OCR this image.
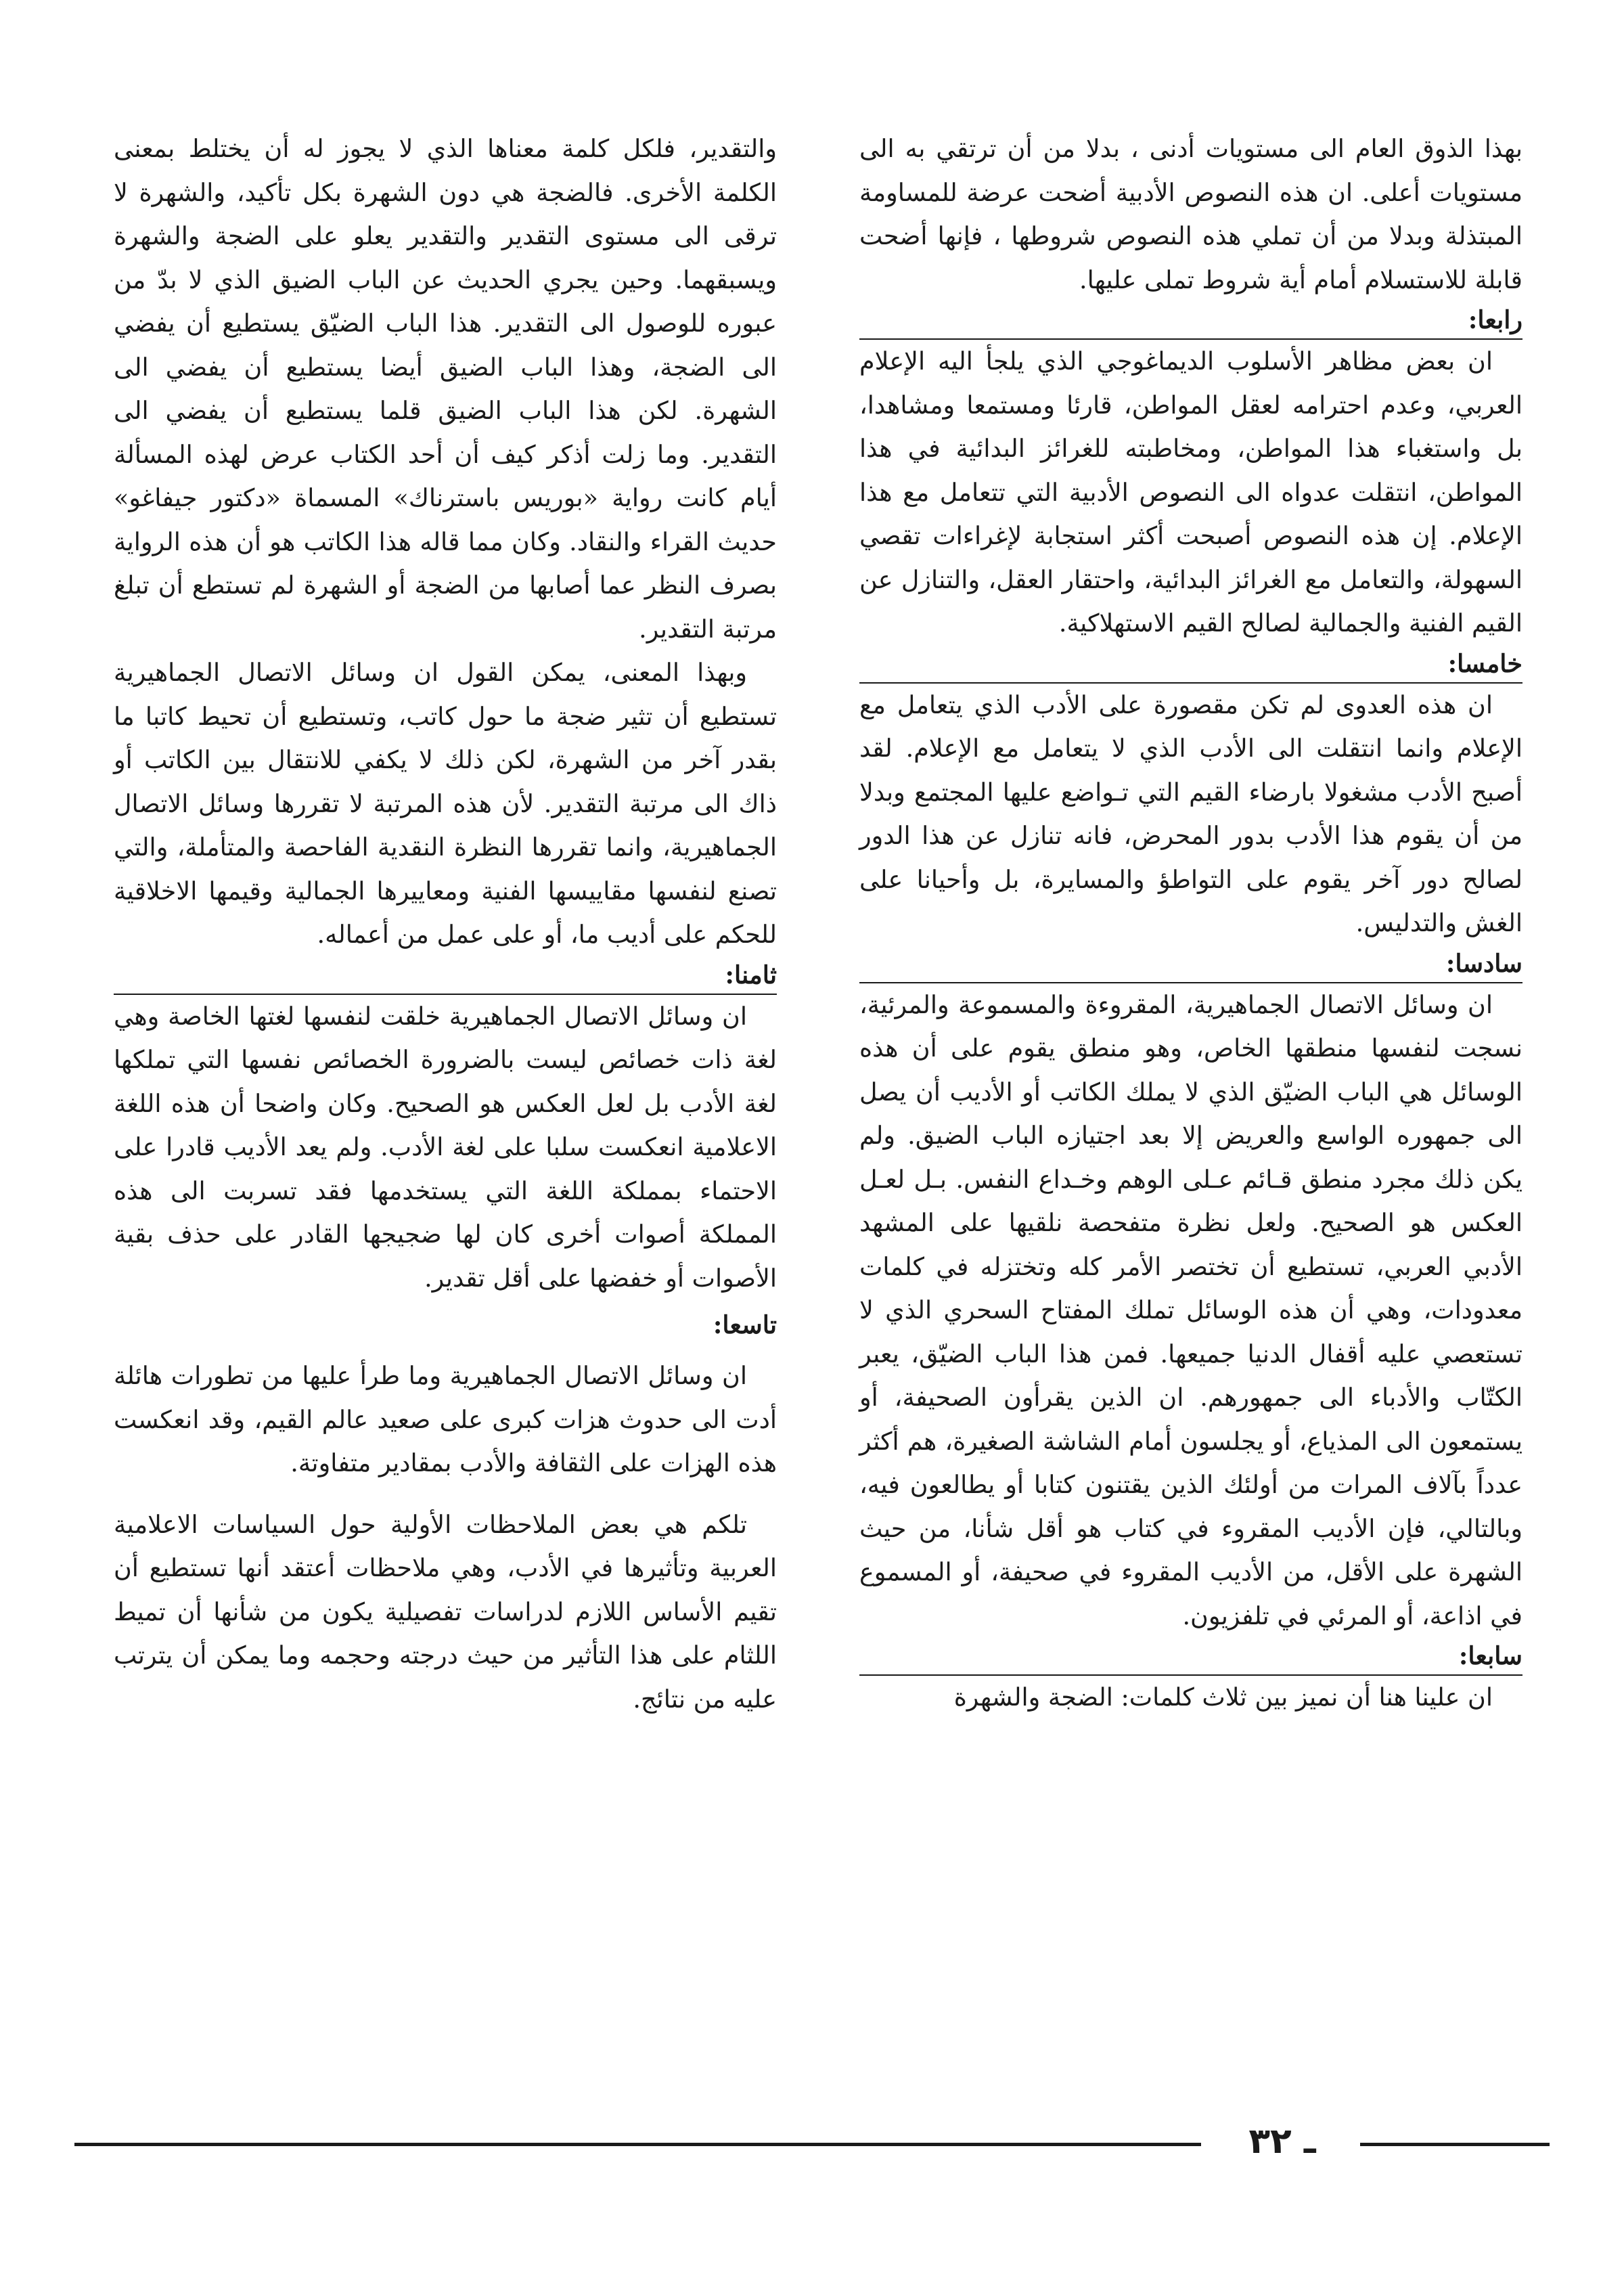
بهذا الذوق العام الى مستويات أدنى ، بدلا من أن ترتقي به الى مستويات أعلى. ان هذه النصوص الأدبية أضحت عرضة للمساومة المبتذلة وبدلا من أن تملي هذه النصوص شروطها ، فإنها أضحت قابلة للاستسلام أمام أية شروط تملى عليها.

رابعا:

ان بعض مظاهر الأسلوب الديماغوجي الذي يلجأ اليه الإعلام العربي، وعدم احترامه لعقل المواطن، قارئا ومستمعا ومشاهدا، بل واستغباء هذا المواطن، ومخاطبته للغرائز البدائية في هذا المواطن، انتقلت عدواه الى النصوص الأدبية التي تتعامل مع هذا الإعلام. إن هذه النصوص أصبحت أكثر استجابة لإغراءات تقصي السهولة، والتعامل مع الغرائز البدائية، واحتقار العقل، والتنازل عن القيم الفنية والجمالية لصالح القيم الاستهلاكية.

خامسا:

ان هذه العدوى لم تكن مقصورة على الأدب الذي يتعامل مع الإعلام وانما انتقلت الى الأدب الذي لا يتعامل مع الإعلام. لقد أصبح الأدب مشغولا بارضاء القيم التي تـواضع عليها المجتمع وبدلا من أن يقوم هذا الأدب بدور المحرض، فانه تنازل عن هذا الدور لصالح دور آخر يقوم على التواطؤ والمسايرة، بل وأحيانا على الغش والتدليس.

سادسا:

ان وسائل الاتصال الجماهيرية، المقروءة والمسموعة والمرئية، نسجت لنفسها منطقها الخاص، وهو منطق يقوم على أن هذه الوسائل هي الباب الضيّق الذي لا يملك الكاتب أو الأديب أن يصل الى جمهوره الواسع والعريض إلا بعد اجتيازه الباب الضيق. ولم يكن ذلك مجرد منطق قـائم عـلى الوهم وخـداع النفس. بـل لعـل العكس هو الصحيح. ولعل نظرة متفحصة نلقيها على المشهد الأدبي العربي، تستطيع أن تختصر الأمر كله وتختزله في كلمات معدودات، وهي أن هذه الوسائل تملك المفتاح السحري الذي لا تستعصي عليه أقفال الدنيا جميعها. فمن هذا الباب الضيّق، يعبر الكتّاب والأدباء الى جمهورهم. ان الذين يقرأون الصحيفة، أو يستمعون الى المذياع، أو يجلسون أمام الشاشة الصغيرة، هم أكثر عدداً بآلاف المرات من أولئك الذين يقتنون كتابا أو يطالعون فيه، وبالتالي، فإن الأديب المقروء في كتاب هو أقل شأنا، من حيث الشهرة على الأقل، من الأديب المقروء في صحيفة، أو المسموع في اذاعة، أو المرئي في تلفزيون.

سابعا:

ان علينا هنا أن نميز بين ثلاث كلمات: الضجة والشهرة

والتقدير، فلكل كلمة معناها الذي لا يجوز له أن يختلط بمعنى الكلمة الأخرى. فالضجة هي دون الشهرة بكل تأكيد، والشهرة لا ترقى الى مستوى التقدير والتقدير يعلو على الضجة والشهرة ويسبقهما. وحين يجري الحديث عن الباب الضيق الذي لا بدّ من عبوره للوصول الى التقدير. هذا الباب الضيّق يستطيع أن يفضي الى الضجة، وهذا الباب الضيق أيضا يستطيع أن يفضي الى الشهرة. لكن هذا الباب الضيق قلما يستطيع أن يفضي الى التقدير. وما زلت أذكر كيف أن أحد الكتاب عرض لهذه المسألة أيام كانت رواية «بوريس باسترناك» المسماة «دكتور جيفاغو» حديث القراء والنقاد. وكان مما قاله هذا الكاتب هو أن هذه الرواية بصرف النظر عما أصابها من الضجة أو الشهرة لم تستطع أن تبلغ مرتبة التقدير.

وبهذا المعنى، يمكن القول ان وسائل الاتصال الجماهيرية تستطيع أن تثير ضجة ما حول كاتب، وتستطيع أن تحيط كاتبا ما بقدر آخر من الشهرة، لكن ذلك لا يكفي للانتقال بين الكاتب أو ذاك الى مرتبة التقدير. لأن هذه المرتبة لا تقررها وسائل الاتصال الجماهيرية، وانما تقررها النظرة النقدية الفاحصة والمتأملة، والتي تصنع لنفسها مقاييسها الفنية ومعاييرها الجمالية وقيمها الاخلاقية للحكم على أديب ما، أو على عمل من أعماله.

ثامنا:

ان وسائل الاتصال الجماهيرية خلقت لنفسها لغتها الخاصة وهي لغة ذات خصائص ليست بالضرورة الخصائص نفسها التي تملكها لغة الأدب بل لعل العكس هو الصحيح. وكان واضحا أن هذه اللغة الاعلامية انعكست سلبا على لغة الأدب. ولم يعد الأديب قادرا على الاحتماء بمملكة اللغة التي يستخدمها فقد تسربت الى هذه المملكة أصوات أخرى كان لها ضجيجها القادر على حذف بقية الأصوات أو خفضها على أقل تقدير.

تاسعا:

ان وسائل الاتصال الجماهيرية وما طرأ عليها من تطورات هائلة أدت الى حدوث هزات كبرى على صعيد عالم القيم، وقد انعكست هذه الهزات على الثقافة والأدب بمقادير متفاوتة.

تلكم هي بعض الملاحظات الأولية حول السياسات الاعلامية العربية وتأثيرها في الأدب، وهي ملاحظات أعتقد أنها تستطيع أن تقيم الأساس اللازم لدراسات تفصيلية يكون من شأنها أن تميط اللثام على هذا التأثير من حيث درجته وحجمه وما يمكن أن يترتب عليه من نتائج.

ـ ٣٢
